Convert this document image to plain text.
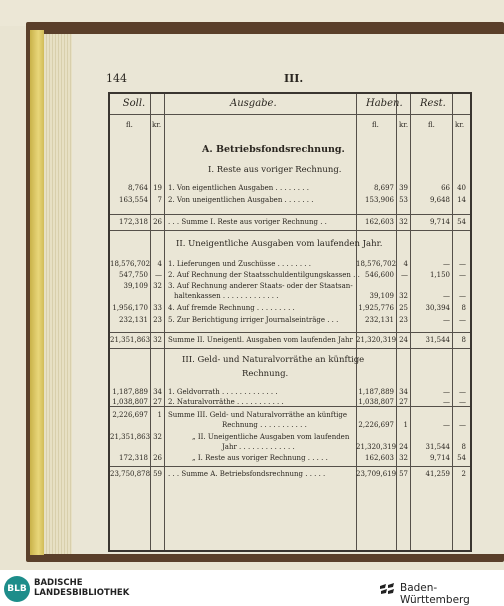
144	III.
Soll.	Ausgabe.	Haben. Rest.
fl.	kr.	fl.	kr.	fl.	kr.
A. Betriebsfondsrechnung.
I. Reste aus voriger Rechnung.
8,764 19 1. Von eigentlichen Ausgaben . . . . . . . .	8,697 39	66	40
163,554	7 2. Von uneigentlichen Ausgaben . . . . . . .	153,906 53	9,648	14
172,318 26 . . . Summe I. Reste aus voriger Rechnung . .	162,603 32	9,714	54
II. Uneigentliche Ausgaben vom laufenden Jahr.
18,576,702	4 1. Lieferungen und Zuschüsse . . . . . . . .	18,576,702	4	—	—
547,750	— 2. Auf Rechnung der Staatsschuldentilgungskassen . . 546,600	—	1,150	—
39,109 32 3. Auf Rechnung anderer Staats- oder der Staatsan-
haltenkassen . . . . . . . . . . . . .	39,109 32	—	—
1,956,170 33 4. Auf fremde Rechnung . . . . . . . . .	1,925,776 25	30,394	8
232,131 23 5. Zur Berichtigung irriger Journalseinträge . . .	232,131 23	—	—
21,351,863 32 Summe II. Uneigentl. Ausgaben vom laufenden Jahr 21,320,319 24	31,544	8
III. Geld- und Naturalvorräthe an künftige
Rechnung.
1,187,889 34 1. Geldvorrath . . . . . . . . . . . . .	1,187,889 34	—	—
1,038,807 27 2. Naturalvorräthe . . . . . . . . . . .	1,038,807 27	—	—
2,226,697	1 Summe III. Geld- und Naturalvorräthe an künftige
Rechnung . . . . . . . . . . .	2,226,697	1	—	—
21,351,863 32	„ II. Uneigentliche Ausgaben vom laufenden
Jahr . . . . . . . . . . . . .	21,320,319 24	31,544	8
172,318 26	„ I. Reste aus voriger Rechnung . . . . .	162,603 32	9,714	54
23,750,878 59 . . . Summe A. Betriebsfondsrechnung . . . . .	23,709,619 57	41,259	2
BLB
BADISCHE
LANDESBIBLIOTHEK	Baden-Württemberg
